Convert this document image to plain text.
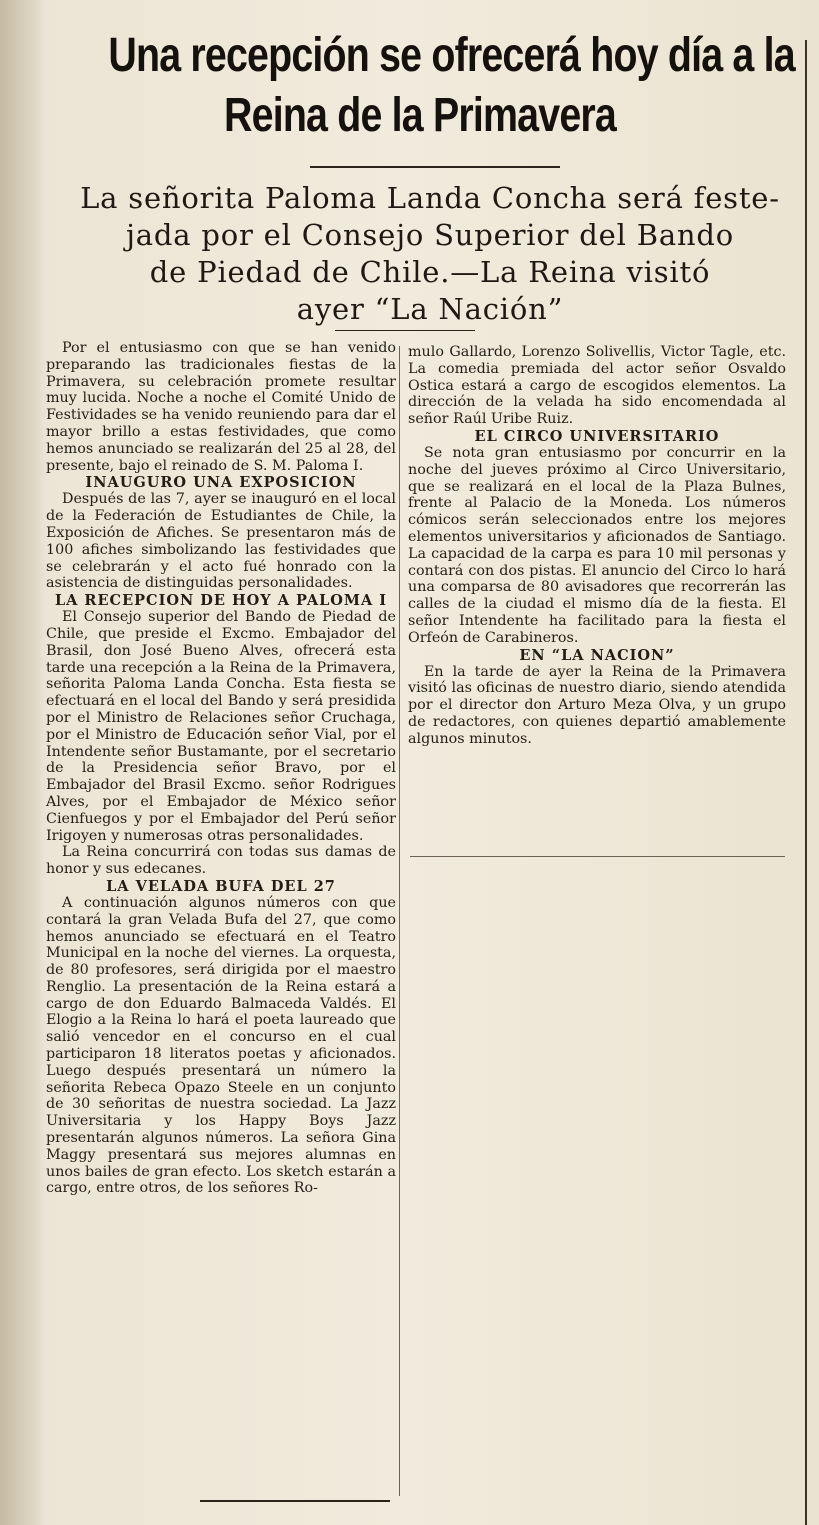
Una recepción se ofrecerá hoy día a la
Reina de la Primavera
La señorita Paloma Landa Concha será feste-
jada por el Consejo Superior del Bando
de Piedad de Chile.—La Reina visitó
ayer “La Nación”

Por el entusiasmo con que se han venido preparando las tradicionales fiestas de la Primavera, su celebración promete resultar muy lucida. Noche a noche el Comité Unido de Festividades se ha venido reuniendo para dar el mayor brillo a estas festividades, que como hemos anunciado se realizarán del 25 al 28, del presente, bajo el reinado de S. M. Paloma I.

INAUGURO UNA EXPOSICION

Después de las 7, ayer se inauguró en el local de la Federación de Estudiantes de Chile, la Exposición de Afiches. Se presentaron más de 100 afiches simbolizando las festividades que se celebrarán y el acto fué honrado con la asistencia de distinguidas personalidades.

LA RECEPCION DE HOY A PALOMA I

El Consejo superior del Bando de Piedad de Chile, que preside el Excmo. Embajador del Brasil, don José Bueno Alves, ofrecerá esta tarde una recepción a la Reina de la Primavera, señorita Paloma Landa Concha. Esta fiesta se efectuará en el local del Bando y será presidida por el Ministro de Relaciones señor Cruchaga, por el Ministro de Educación señor Vial, por el Intendente señor Bustamante, por el secretario de la Presidencia señor Bravo, por el Embajador del Brasil Excmo. señor Rodrigues Alves, por el Embajador de México señor Cienfuegos y por el Embajador del Perú señor Irigoyen y numerosas otras personalidades.

La Reina concurrirá con todas sus damas de honor y sus edecanes.

LA VELADA BUFA DEL 27

A continuación algunos números con que contará la gran Velada Bufa del 27, que como hemos anunciado se efectuará en el Teatro Municipal en la noche del viernes. La orquesta, de 80 profesores, será dirigida por el maestro Renglio. La presentación de la Reina estará a cargo de don Eduardo Balmaceda Valdés. El Elogio a la Reina lo hará el poeta laureado que salió vencedor en el concurso en el cual participaron 18 literatos poetas y aficionados. Luego después presentará un número la señorita Rebeca Opazo Steele en un conjunto de 30 señoritas de nuestra sociedad. La Jazz Universitaria y los Happy Boys Jazz presentarán algunos números. La señora Gina Maggy presentará sus mejores alumnas en unos bailes de gran efecto. Los sketch estarán a cargo, entre otros, de los señores Ro-

mulo Gallardo, Lorenzo Solivellis, Victor Tagle, etc. La comedia premiada del actor señor Osvaldo Ostica estará a cargo de escogidos elementos. La dirección de la velada ha sido encomendada al señor Raúl Uribe Ruiz.

EL CIRCO UNIVERSITARIO

Se nota gran entusiasmo por concurrir en la noche del jueves próximo al Circo Universitario, que se realizará en el local de la Plaza Bulnes, frente al Palacio de la Moneda. Los números cómicos serán seleccionados entre los mejores elementos universitarios y aficionados de Santiago. La capacidad de la carpa es para 10 mil personas y contará con dos pistas. El anuncio del Circo lo hará una comparsa de 80 avisadores que recorrerán las calles de la ciudad el mismo día de la fiesta. El señor Intendente ha facilitado para la fiesta el Orfeón de Carabineros.

EN “LA NACION”

En la tarde de ayer la Reina de la Primavera visitó las oficinas de nuestro diario, siendo atendida por el director don Arturo Meza Olva, y un grupo de redactores, con quienes departió amablemente algunos minutos.
